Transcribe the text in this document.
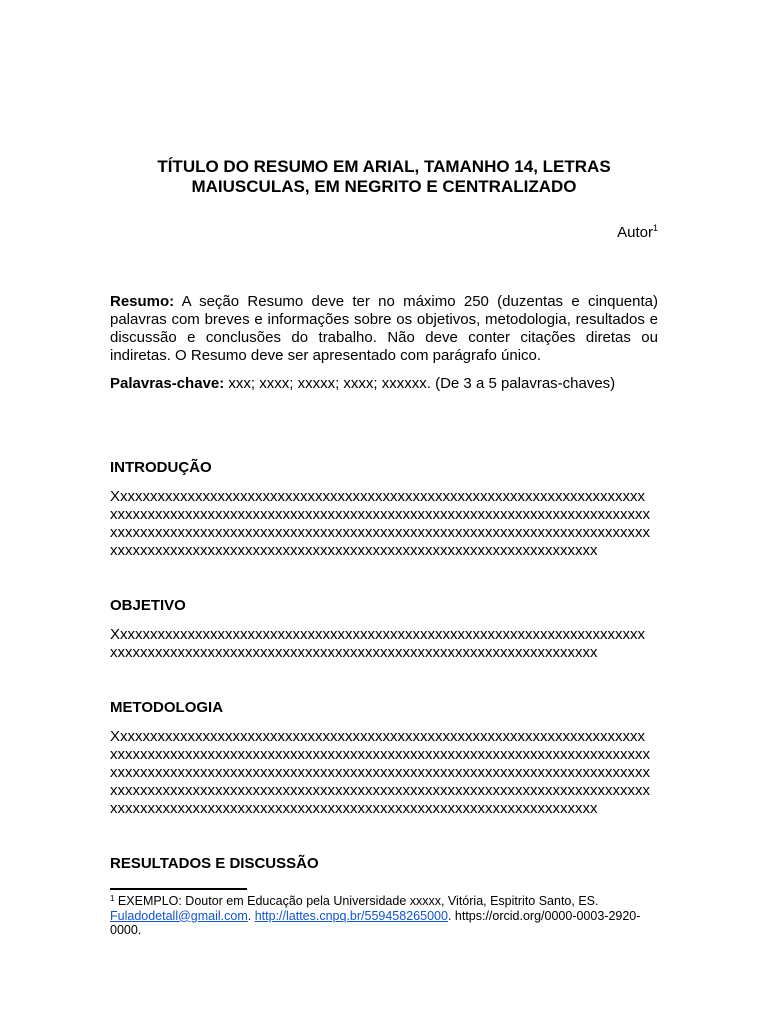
TÍTULO DO RESUMO EM ARIAL, TAMANHO 14, LETRAS MAIUSCULAS, EM NEGRITO E CENTRALIZADO
Autor$^1$

Resumo: A seção Resumo deve ter no máximo 250 (duzentas e cinquenta) palavras com breves e informações sobre os objetivos, metodologia, resultados e discussão e conclusões do trabalho. Não deve conter citações diretas ou indiretas. O Resumo deve ser apresentado com parágrafo único.

Palavras-chave: xxx; xxxx; xxxxx; xxxx; xxxxxx. (De 3 a 5 palavras-chaves)

INTRODUÇÃO
Xxxxxxxxxxxxxxxxxxxxxxxxxxxxxxxxxxxxxxxxxxxxxxxxxxxxxxxxxxxxxxxxxxxxxxx
xxxxxxxxxxxxxxxxxxxxxxxxxxxxxxxxxxxxxxxxxxxxxxxxxxxxxxxxxxxxxxxxxxxxxxxx
xxxxxxxxxxxxxxxxxxxxxxxxxxxxxxxxxxxxxxxxxxxxxxxxxxxxxxxxxxxxxxxxxxxxxxxx
xxxxxxxxxxxxxxxxxxxxxxxxxxxxxxxxxxxxxxxxxxxxxxxxxxxxxxxxxxxxxxxxx
OBJETIVO
Xxxxxxxxxxxxxxxxxxxxxxxxxxxxxxxxxxxxxxxxxxxxxxxxxxxxxxxxxxxxxxxxxxxxxxx
xxxxxxxxxxxxxxxxxxxxxxxxxxxxxxxxxxxxxxxxxxxxxxxxxxxxxxxxxxxxxxxxx
METODOLOGIA
Xxxxxxxxxxxxxxxxxxxxxxxxxxxxxxxxxxxxxxxxxxxxxxxxxxxxxxxxxxxxxxxxxxxxxxx
xxxxxxxxxxxxxxxxxxxxxxxxxxxxxxxxxxxxxxxxxxxxxxxxxxxxxxxxxxxxxxxxxxxxxxxx
xxxxxxxxxxxxxxxxxxxxxxxxxxxxxxxxxxxxxxxxxxxxxxxxxxxxxxxxxxxxxxxxxxxxxxxx
xxxxxxxxxxxxxxxxxxxxxxxxxxxxxxxxxxxxxxxxxxxxxxxxxxxxxxxxxxxxxxxxxxxxxxxx
xxxxxxxxxxxxxxxxxxxxxxxxxxxxxxxxxxxxxxxxxxxxxxxxxxxxxxxxxxxxxxxxx
RESULTADOS E DISCUSSÃO

$^1$ EXEMPLO: Doutor em Educação pela Universidade xxxxx, Vitória, Espitrito Santo, ES.
Fuladodetall@gmail.com. http://lattes.cnpq.br/559458265000. https://orcid.org/0000-0003-2920-0000.
